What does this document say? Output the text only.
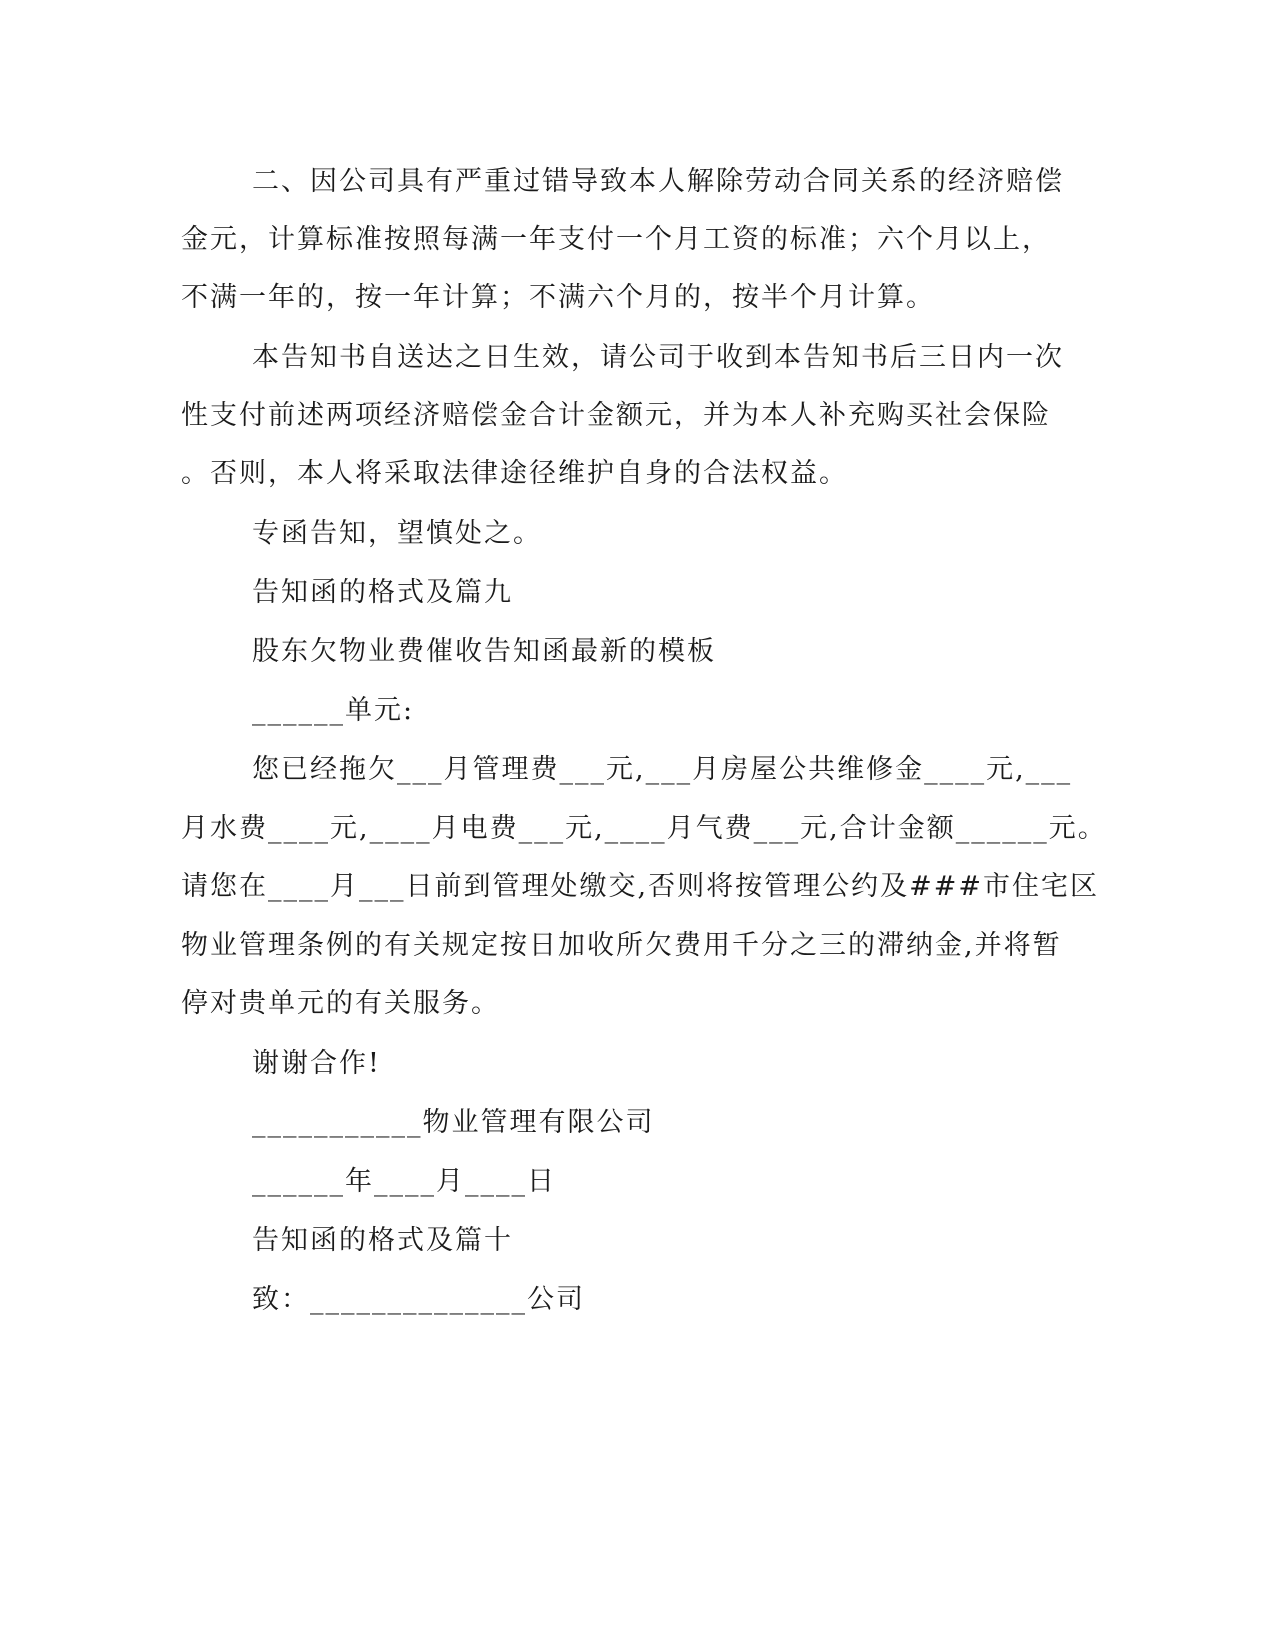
二、因公司具有严重过错导致本人解除劳动合同关系的经济赔偿
金元，计算标准按照每满一年支付一个月工资的标准；六个月以上，
不满一年的，按一年计算；不满六个月的，按半个月计算。
本告知书自送达之日生效，请公司于收到本告知书后三日内一次
性支付前述两项经济赔偿金合计金额元，并为本人补充购买社会保险
。否则，本人将采取法律途径维护自身的合法权益。
专函告知，望慎处之。
告知函的格式及篇九
股东欠物业费催收告知函最新的模板
______单元:
您已经拖欠___月管理费___元,___月房屋公共维修金____元,___
月水费____元,____月电费___元,____月气费___元,合计金额______元。
请您在____月___日前到管理处缴交,否则将按管理公约及###市住宅区
物业管理条例的有关规定按日加收所欠费用千分之三的滞纳金,并将暂
停对贵单元的有关服务。
谢谢合作!
___________物业管理有限公司
______年____月____日
告知函的格式及篇十
致：______________公司
